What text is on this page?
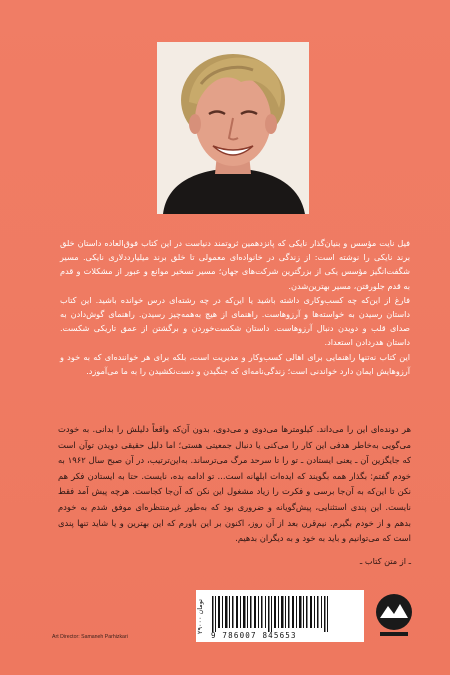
فیل نایت مؤسس و بنیان‌گذار نایکی که پانزدهمین ثروتمند دنیاست در این کتاب فوق‌العاده داستان خلق برند نایکی را نوشته است: از زندگی در خانواده‌ای معمولی تا خلق برند میلیارددلاری نایکی. مسیر شگفت‌انگیز مؤسس یکی از بزرگترین شرکت‌های جهان؛ مسیر تسخیر موانع و عبور از مشکلات و قدم به قدم جلورفتن، مسیر بهترین‌شدن.

فارغ از این‌که چه کسب‌وکاری داشته باشید یا این‌که در چه رشته‌ای درس خوانده باشید. این کتاب داستان رسیدن به خواسته‌ها و آرزوهاست. راهنمای از هیچ به‌همه‌چیز رسیدن. راهنمای گوش‌دادن به صدای قلب و دویدن دنبال آرزوهاست. داستان شکست‌خوردن و برگشتن از عمق تاریکی شکست. داستان هدردادن استعداد.

این کتاب نه‌تنها راهنمایی برای اهالی کسب‌وکار و مدیریت است، بلکه برای هر خواننده‌ای که به خود و آرزوهایش ایمان دارد خواندنی است؛ زندگی‌نامه‌ای که جنگیدن و دست‌نکشیدن را به ما می‌آموزد.

هر دونده‌ای این را می‌داند. کیلومترها می‌دوی و می‌دوی، بدون آن‌که واقعاً دلیلش را بدانی. به خودت می‌گویی به‌خاطر هدفی این کار را می‌کنی یا دنبال جمعیتی هستی؛ اما دلیل حقیقی دویدن توآن است که جایگزین آن ـ یعنی ایستادن ـ تو را تا سرحد مرگ می‌ترساند. به‌این‌ترتیب، در آن صبح سال ۱۹۶۲ به خودم گفتم: بگذار همه بگویند که ایده‌ات ابلهانه است... تو ادامه بده، نایست. حتا به ایستادن فکر هم نکن تا این‌که به آن‌جا برسی و فکرت را زیاد مشغول این نکن که آن‌جا کجاست. هرچه پیش آمد فقط نایست. این پندی استثنایی، پیش‌گویانه و ضروری بود که به‌طور غیرمنتظره‌ای موفق شدم به خودم بدهم و از خودم بگیرم. نیم‌قرن بعد از آن روز، اکنون بر این باورم که این بهترین و یا شاید تنها پندی است که می‌توانیم و باید به خود و به دیگران بدهیم.

ـ از متن کتاب ـ
۲۹۰۰۰ تومان
9 786007 845653
Art Director: Samaneh Parhizkari
